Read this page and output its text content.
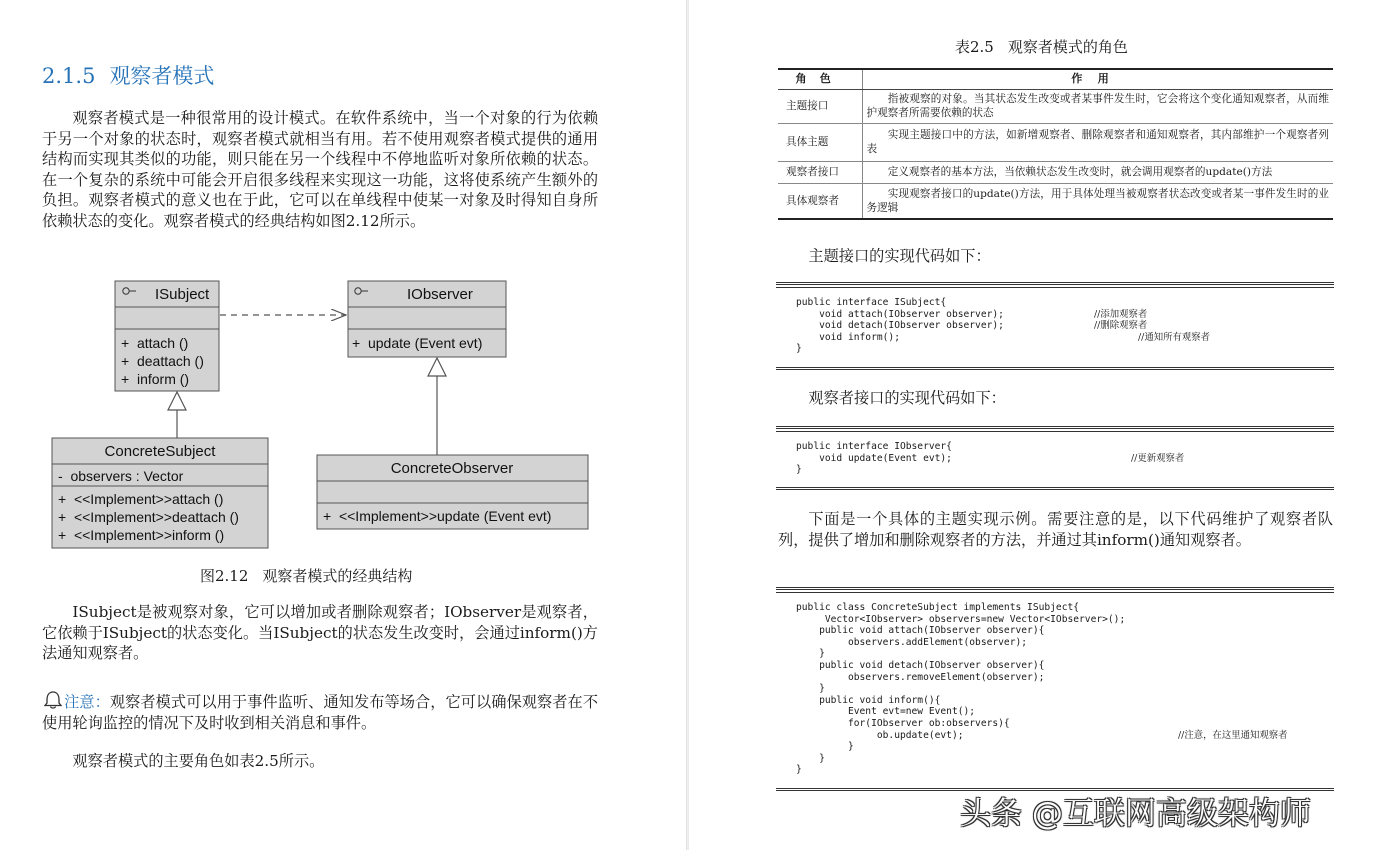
2.1.5 观察者模式

观察者模式是一种很常用的设计模式。在软件系统中，当一个对象的行为依赖于另一个对象的状态时，观察者模式就相当有用。若不使用观察者模式提供的通用结构而实现其类似的功能，则只能在另一个线程中不停地监听对象所依赖的状态。在一个复杂的系统中可能会开启很多线程来实现这一功能，这将使系统产生额外的负担。观察者模式的意义也在于此，它可以在单线程中使某一对象及时得知自身所依赖状态的变化。观察者模式的经典结构如图2.12所示。

ISubject
+  attach ()
+  deattach ()
+  inform ()
IObserver
+  update (Event evt)
ConcreteSubject
-  observers : Vector
+  <<Implement>>attach ()
+  <<Implement>>deattach ()
+  <<Implement>>inform ()
ConcreteObserver
+  <<Implement>>update (Event evt)
图2.12 观察者模式的经典结构

ISubject是被观察对象，它可以增加或者删除观察者；IObserver是观察者，它依赖于ISubject的状态变化。当ISubject的状态发生改变时，会通过inform()方法通知观察者。

注意：观察者模式可以用于事件监听、通知发布等场合，它可以确保观察者在不使用轮询监控的情况下及时收到相关消息和事件。

观察者模式的主要角色如表2.5所示。

表2.5 观察者模式的角色
角色	作用
主题接口	指被观察的对象。当其状态发生改变或者某事件发生时，它会将这个变化通知观察者，从而维护观察者所需要依赖的状态
具体主题	实现主题接口中的方法，如新增观察者、删除观察者和通知观察者，其内部维护一个观察者列表
观察者接口	定义观察者的基本方法，当依赖状态发生改变时，就会调用观察者的update()方法
具体观察者	实现观察者接口的update()方法，用于具体处理当被观察者状态改变或者某一事件发生时的业务逻辑

主题接口的实现代码如下：

public interface ISubject{
void attach(IObserver observer);	//添加观察者
void detach(IObserver observer);	//删除观察者
void inform();	//通知所有观察者
}

观察者接口的实现代码如下：

public interface IObserver{
void update(Event evt);	//更新观察者
}

下面是一个具体的主题实现示例。需要注意的是，以下代码维护了观察者队列，提供了增加和删除观察者的方法，并通过其inform()通知观察者。

public class ConcreteSubject implements ISubject{
Vector<IObserver> observers=new Vector<IObserver>();
public void attach(IObserver observer){
observers.addElement(observer);
}
public void detach(IObserver observer){
observers.removeElement(observer);
}
public void inform(){
Event evt=new Event();
for(IObserver ob:observers){
ob.update(evt);	//注意，在这里通知观察者
}
}
}
头条 @互联网高级架构师
